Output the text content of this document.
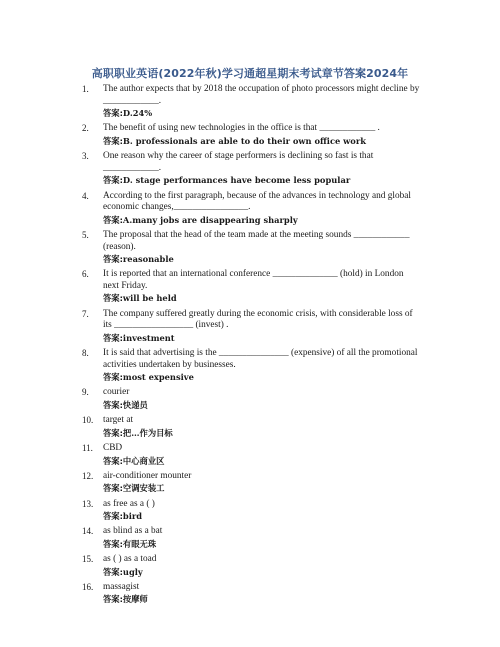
高职职业英语(2022年秋)学习通超星期末考试章节答案2024年
1.	The author expects that by 2018 the occupation of photo processors might decline by ____________.
答案:D.24%
2.	The benefit of using new technologies in the office is that ____________ .
答案:B. professionals are able to do their own office work
3.	One reason why the career of stage performers is declining so fast is that ____________.
答案:D. stage performances have become less popular
4.	According to the first paragraph, because of the advances in technology and global economic changes,________________.
答案:A.many jobs are disappearing sharply
5.	The proposal that the head of the team made at the meeting sounds ____________ (reason).
答案:reasonable
6.	It is reported that an international conference ______________ (hold) in London next Friday.
答案:will be held
7.	The company suffered greatly during the economic crisis, with considerable loss of its _________________ (invest) .
答案:investment
8.	It is said that advertising is the _______________ (expensive) of all the promotional activities undertaken by businesses.
答案:most expensive
9.	courier
答案:快递员
10.	target at
答案:把…作为目标
11.	CBD
答案:中心商业区
12.	air-conditioner mounter
答案:空调安装工
13.	as free as a ( )
答案:bird
14.	as blind as a bat
答案:有眼无珠
15.	as ( ) as a toad
答案:ugly
16.	massagist
答案:按摩师
